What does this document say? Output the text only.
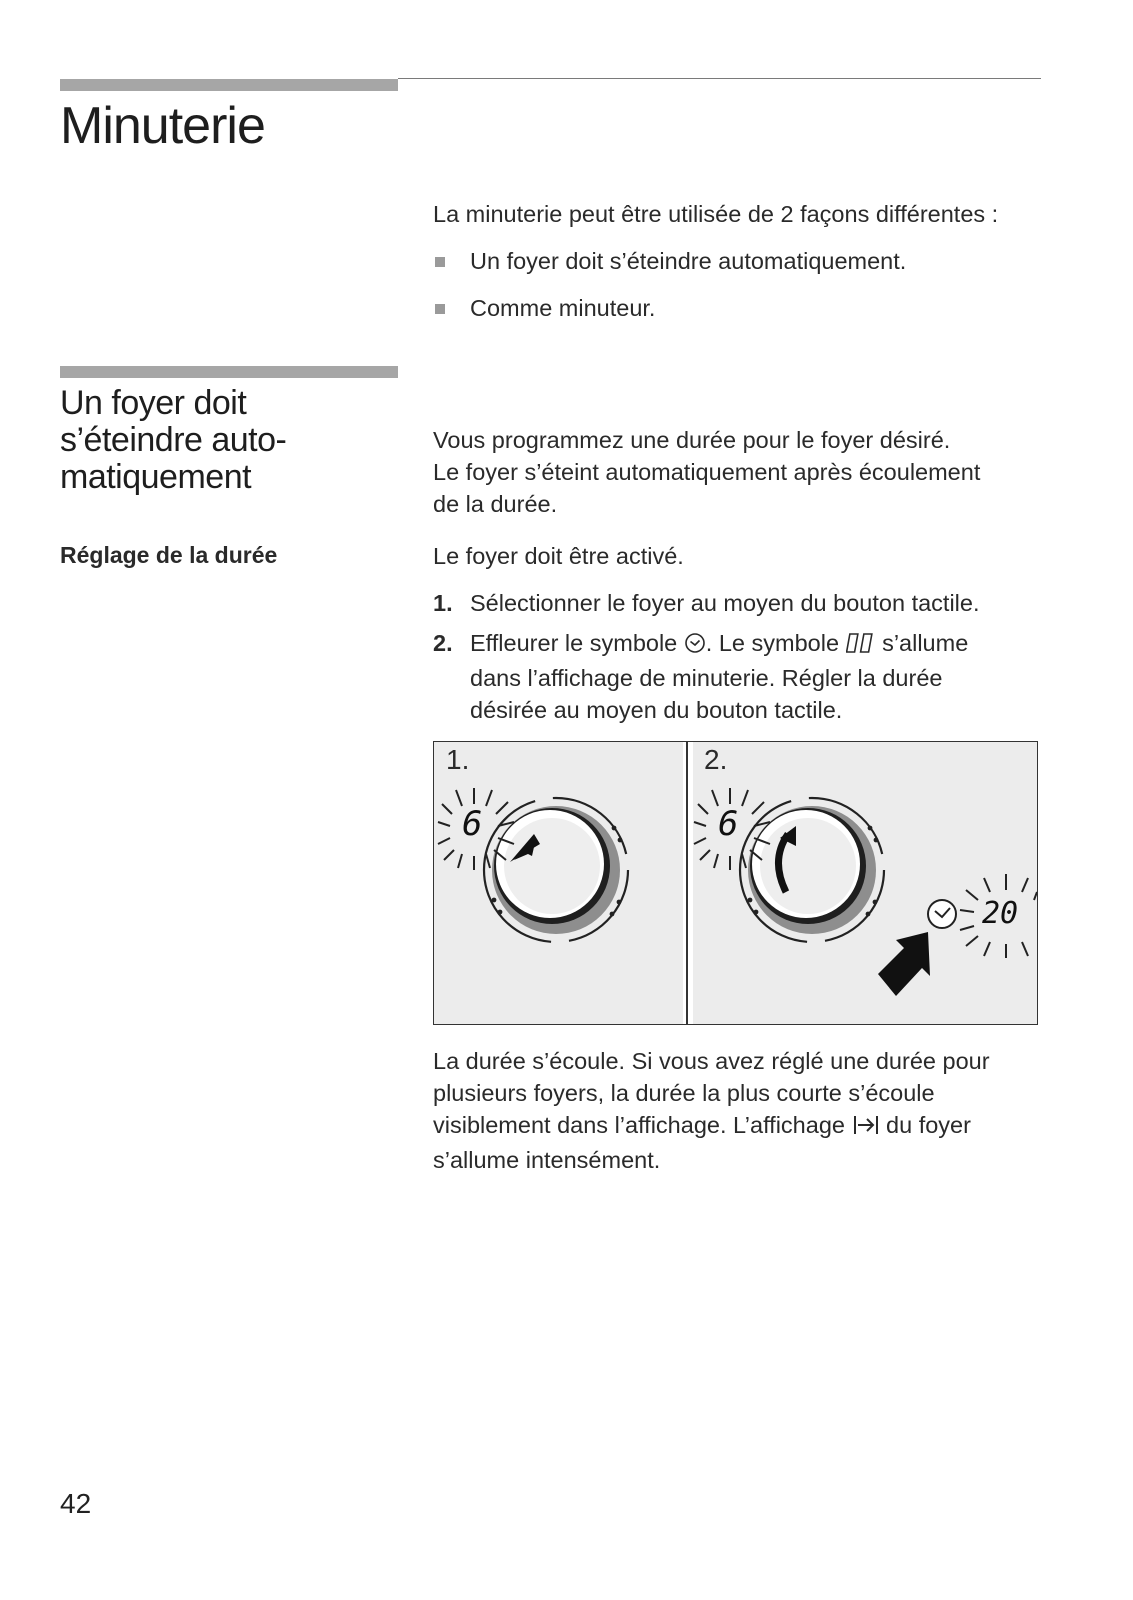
Minuterie
La minuterie peut être utilisée de 2 façons différentes :
Un foyer doit s’éteindre automatiquement.
Comme minuteur.
Un foyer doit
s’éteindre auto-
matiquement
Vous programmez une durée pour le foyer désiré.
Le foyer s’éteint automatiquement après écoulement
de la durée.
Réglage de la durée	Le foyer doit être activé.
1. Sélectionner le foyer au moyen du bouton tactile.
2. Effleurer le symbole . Le symbole s’allume
dans l’affichage de minuterie. Régler la durée
désirée au moyen du bouton tactile.
1.	2.
6	6
20
La durée s’écoule. Si vous avez réglé une durée pour
plusieurs foyers, la durée la plus courte s’écoule
visiblement dans l’affichage. L’affichage du foyer
s’allume intensément.
42
